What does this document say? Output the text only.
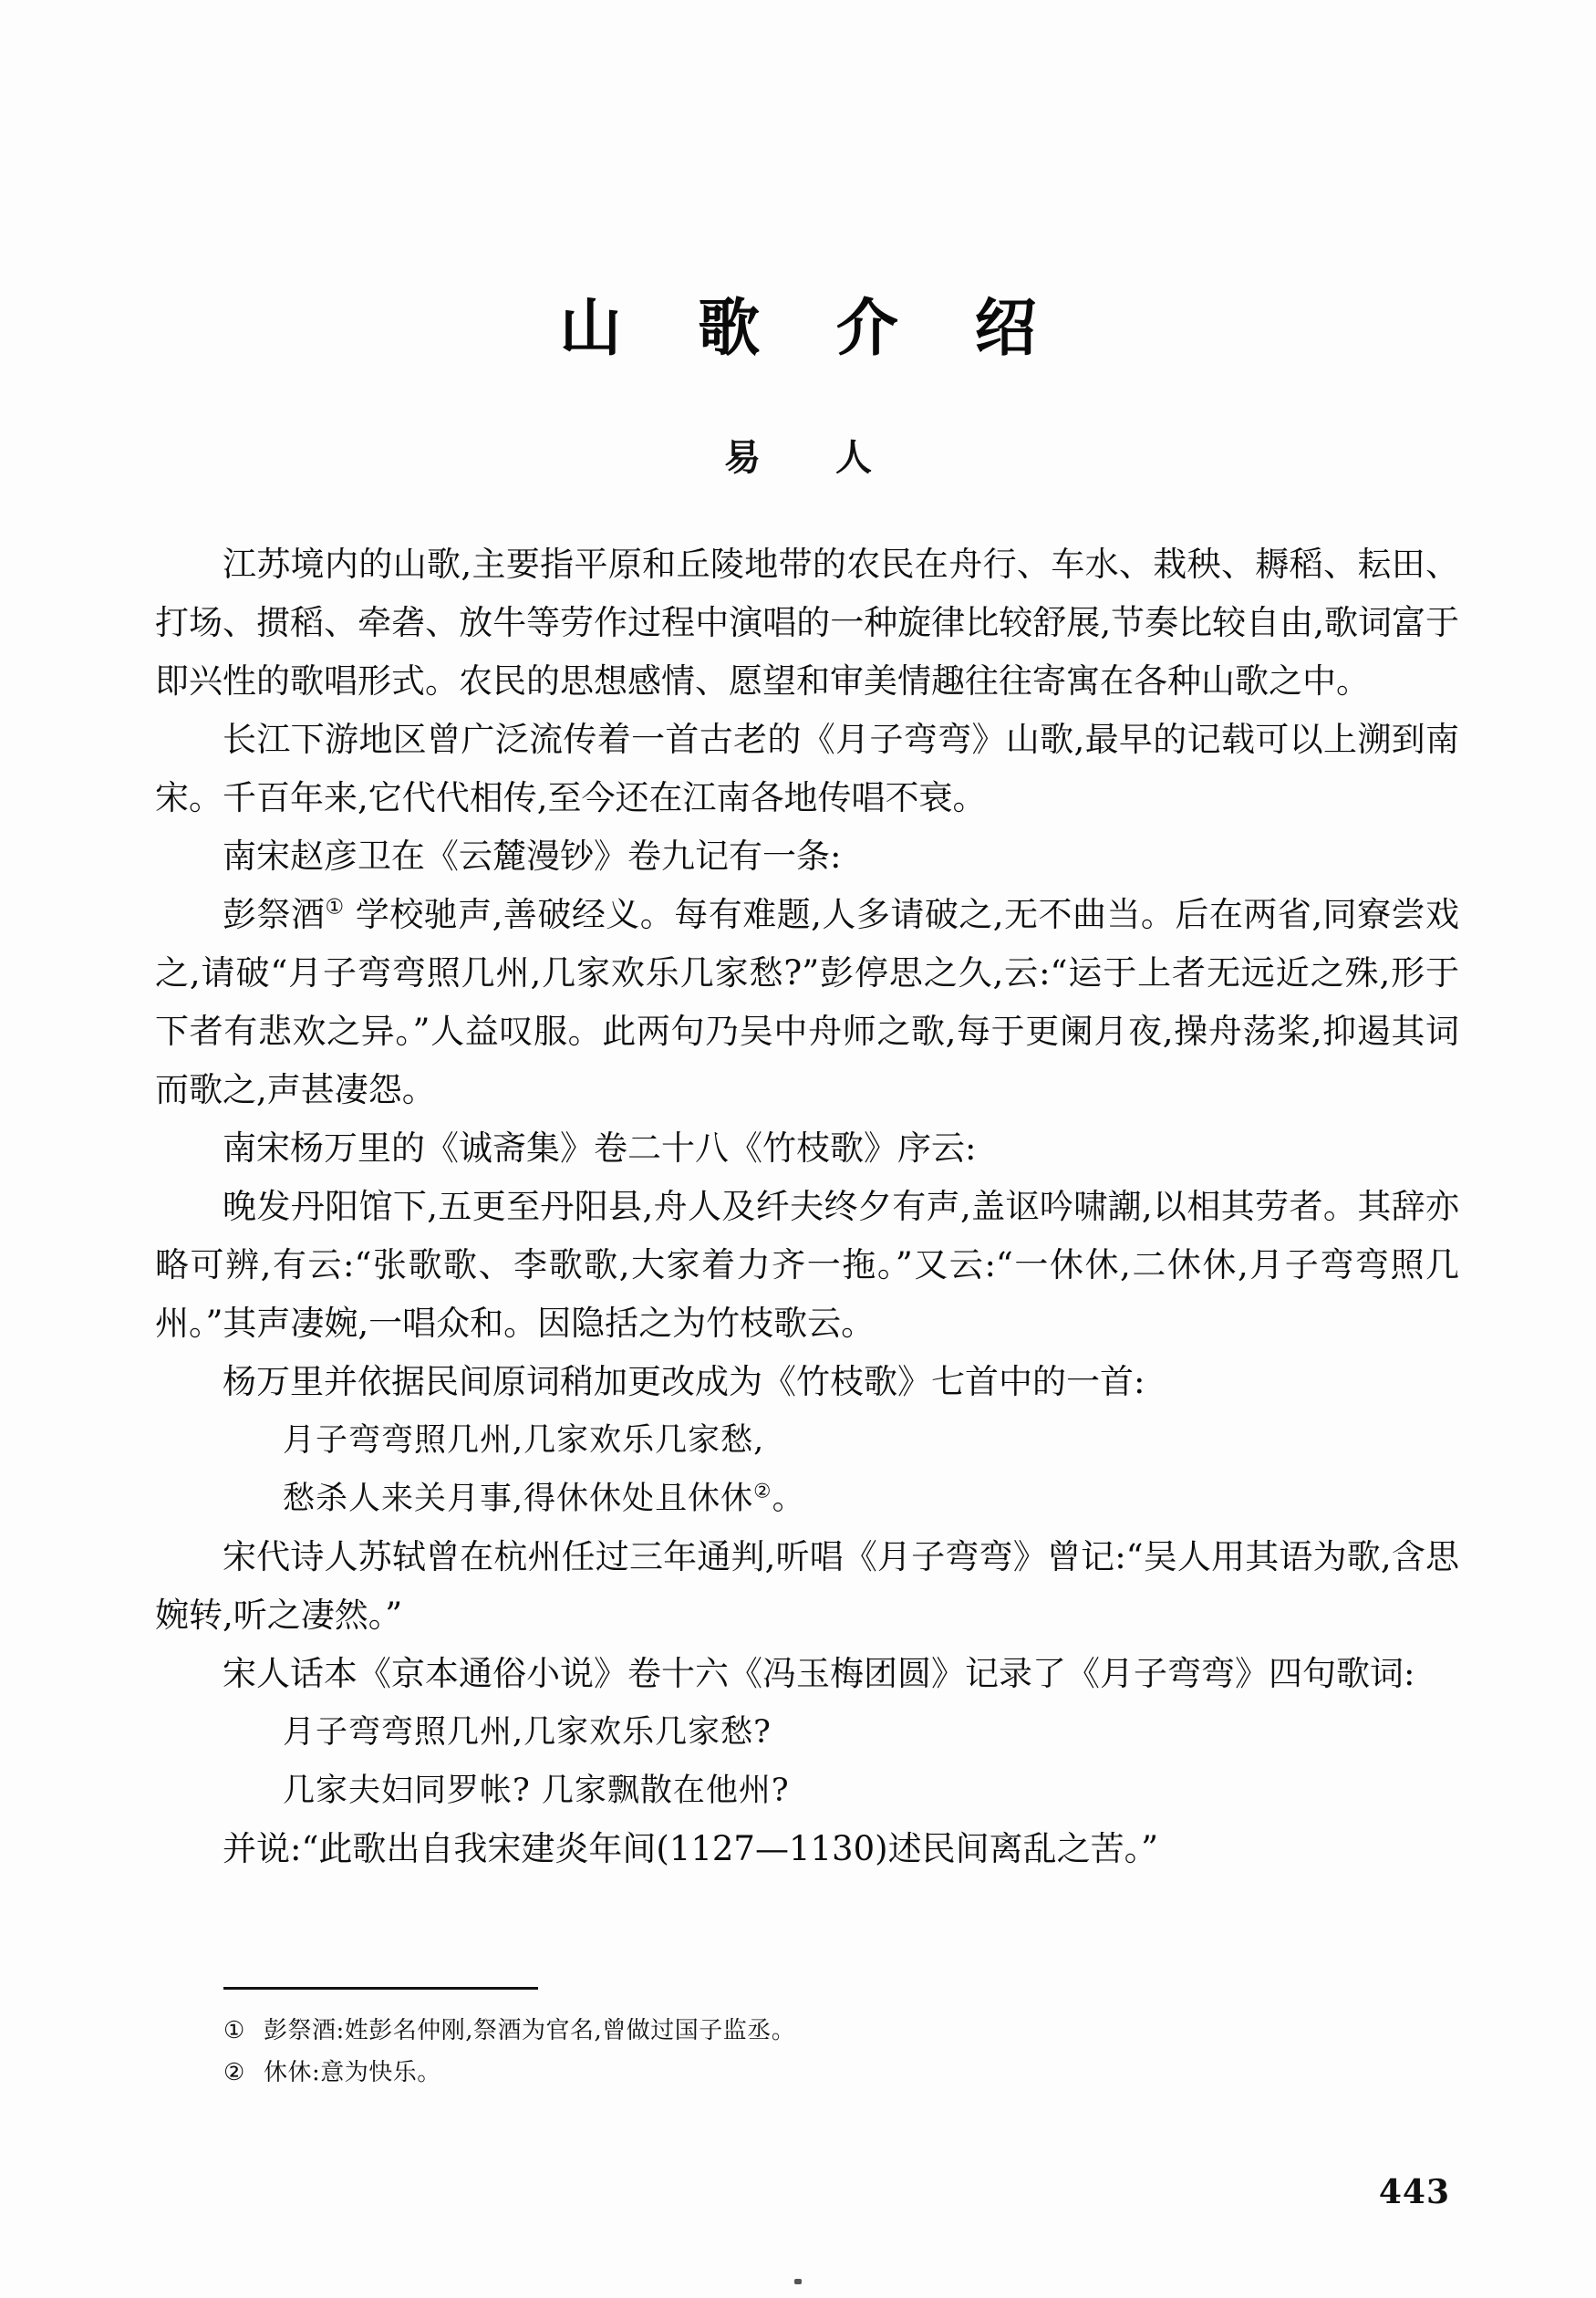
山 歌 介 绍
易 人

江苏境内的山歌,主要指平原和丘陵地带的农民在舟行、车水、栽秧、耨稻、耘田、打场、掼稻、牵砻、放牛等劳作过程中演唱的一种旋律比较舒展,节奏比较自由,歌词富于即兴性的歌唱形式。农民的思想感情、愿望和审美情趣往往寄寓在各种山歌之中。

长江下游地区曾广泛流传着一首古老的《月子弯弯》山歌,最早的记载可以上溯到南宋。千百年来,它代代相传,至今还在江南各地传唱不衰。

南宋赵彦卫在《云麓漫钞》卷九记有一条:

彭祭酒① 学校驰声,善破经义。每有难题,人多请破之,无不曲当。后在两省,同寮尝戏之,请破“月子弯弯照几州,几家欢乐几家愁?”彭停思之久,云:“运于上者无远近之殊,形于下者有悲欢之异。”人益叹服。此两句乃吴中舟师之歌,每于更阑月夜,操舟荡桨,抑遏其词而歌之,声甚凄怨。

南宋杨万里的《诚斋集》卷二十八《竹枝歌》序云:

晚发丹阳馆下,五更至丹阳县,舟人及纤夫终夕有声,盖讴吟啸謿,以相其劳者。其辞亦略可辨,有云:“张歌歌、李歌歌,大家着力齐一拖。”又云:“一休休,二休休,月子弯弯照几州。”其声凄婉,一唱众和。因隐括之为竹枝歌云。

杨万里并依据民间原词稍加更改成为《竹枝歌》七首中的一首:

月子弯弯照几州,几家欢乐几家愁,

愁杀人来关月事,得休休处且休休②。

宋代诗人苏轼曾在杭州任过三年通判,听唱《月子弯弯》曾记:“吴人用其语为歌,含思婉转,听之凄然。”

宋人话本《京本通俗小说》卷十六《冯玉梅团圆》记录了《月子弯弯》四句歌词:

月子弯弯照几州,几家欢乐几家愁?

几家夫妇同罗帐? 几家飘散在他州?

并说:“此歌出自我宋建炎年间(1127—1130)述民间离乱之苦。”

① 彭祭酒:姓彭名仲刚,祭酒为官名,曾做过国子监丞。
② 休休:意为快乐。
443
